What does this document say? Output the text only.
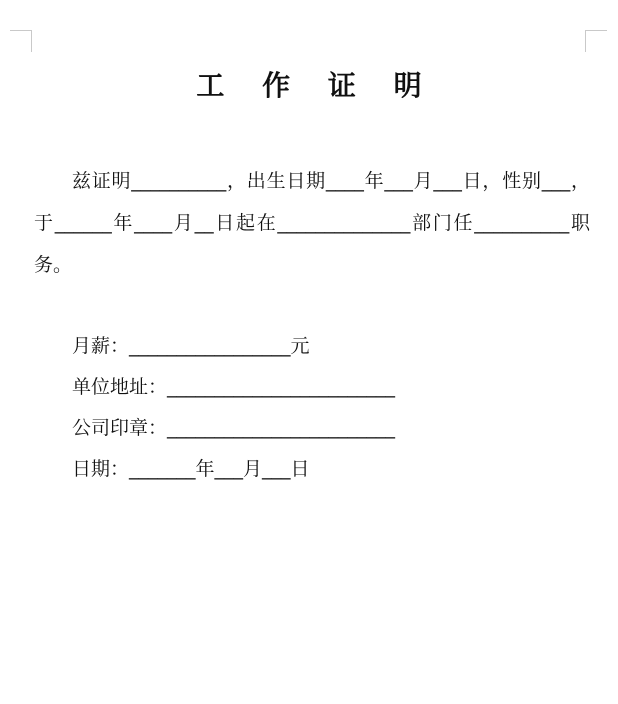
工 作 证 明

兹证明__________，出生日期____年___月___日，性别___，于______年____月__日起在______________部门任__________职务。

月薪：_________________元

单位地址：________________________

公司印章：________________________

日期：_______年___月___日
